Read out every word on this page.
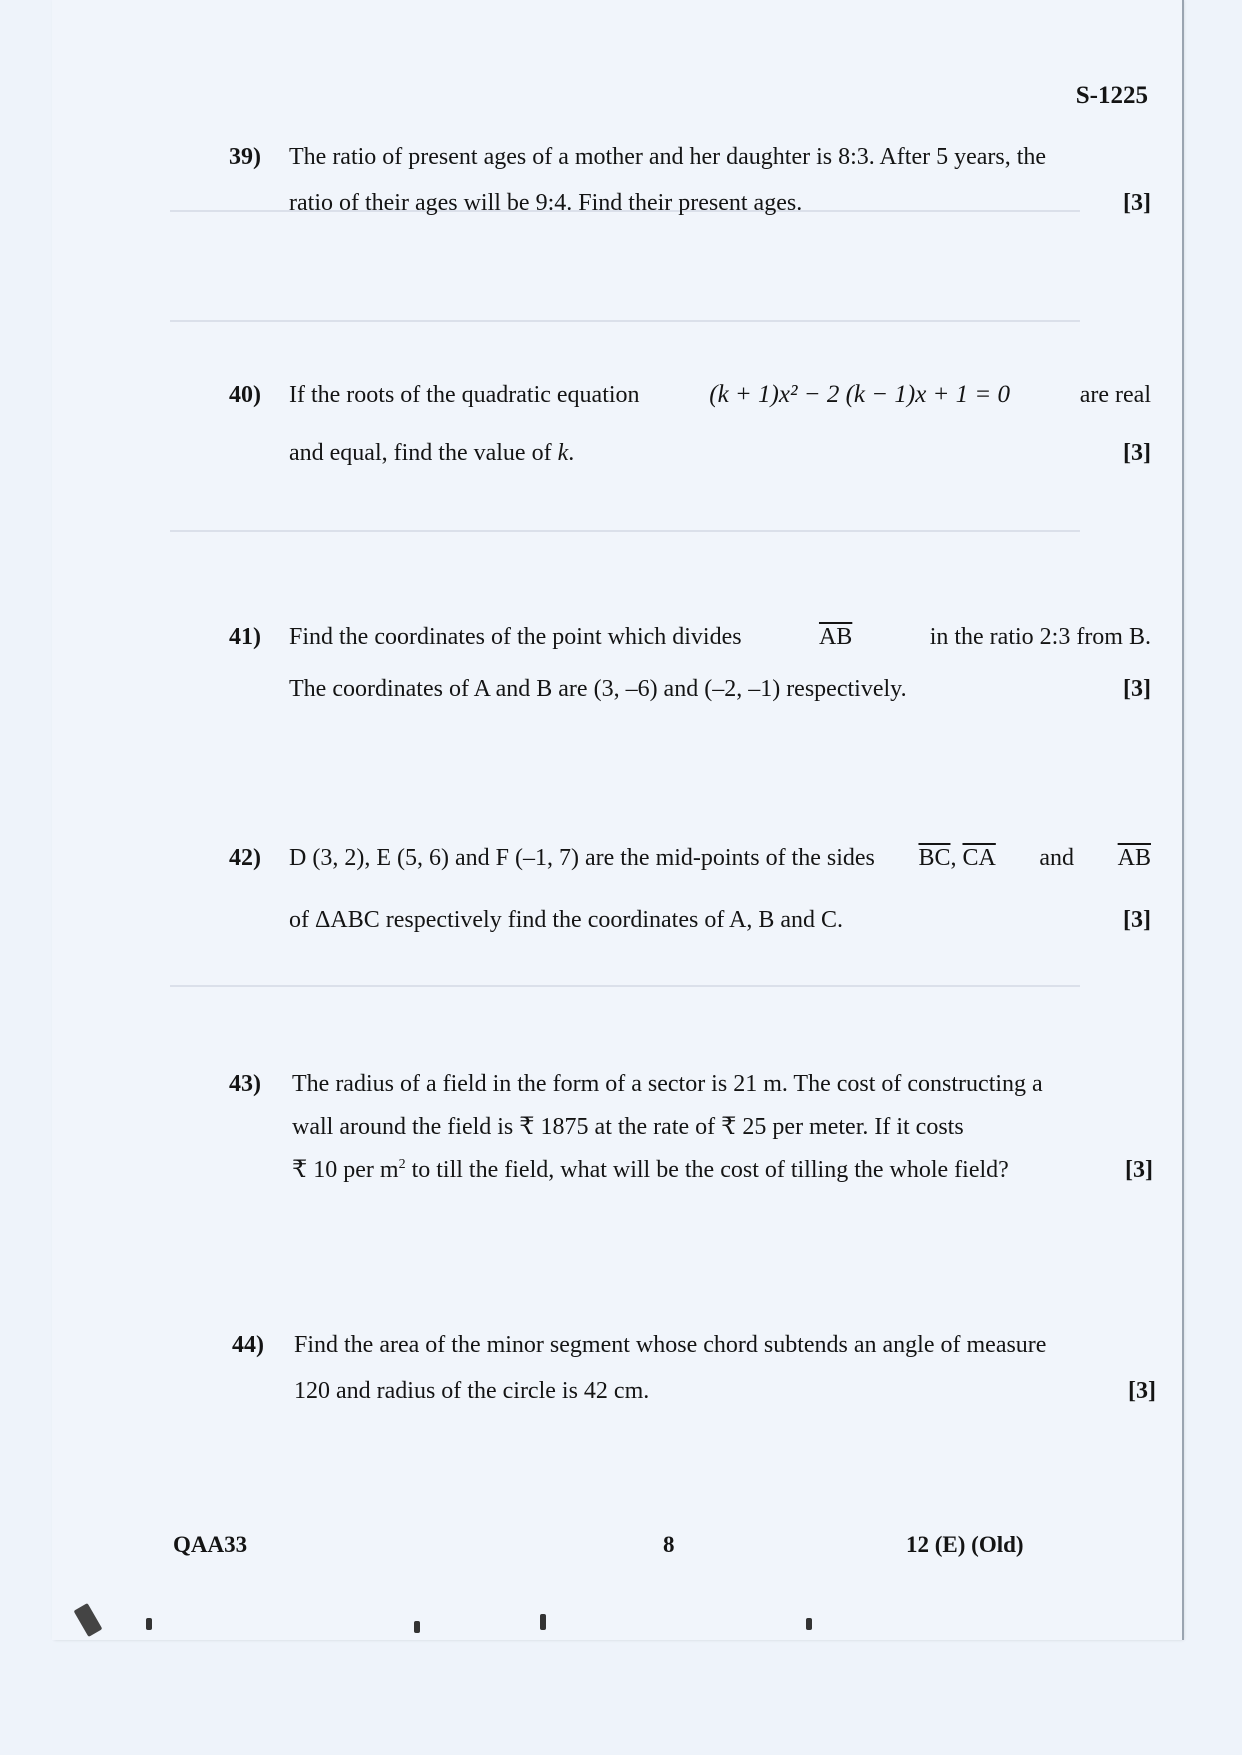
S-1225
39) The ratio of present ages of a mother and her daughter is 8:3. After 5 years, the
[3]
ratio of their ages will be 9:4. Find their present ages.
40) If the roots of the quadratic equation	(k + 1)x² − 2 (k − 1)x + 1 = 0	are real
[3]
and equal, find the value of k.
41) Find the coordinates of the point which divides	$\overline{AB}$	in the ratio 2:3 from B.
[3]
The coordinates of A and B are (3, –6) and (–2, –1) respectively.
42) D (3, 2), E (5, 6) and F (–1, 7) are the mid-points of the sides $\overline{BC}$, $\overline{CA}$ and $\overline{AB}$
[3]
of ΔABC respectively find the coordinates of A, B and C.
43) The radius of a field in the form of a sector is 21 m. The cost of constructing a
wall around the field is ₹ 1875 at the rate of ₹ 25 per meter. If it costs
[3]
₹ 10 per $m^2$ to till the field, what will be the cost of tilling the whole field?
44) Find the area of the minor segment whose chord subtends an angle of measure
[3]
120 and radius of the circle is 42 cm.
QAA33	8	12 (E) (Old)
